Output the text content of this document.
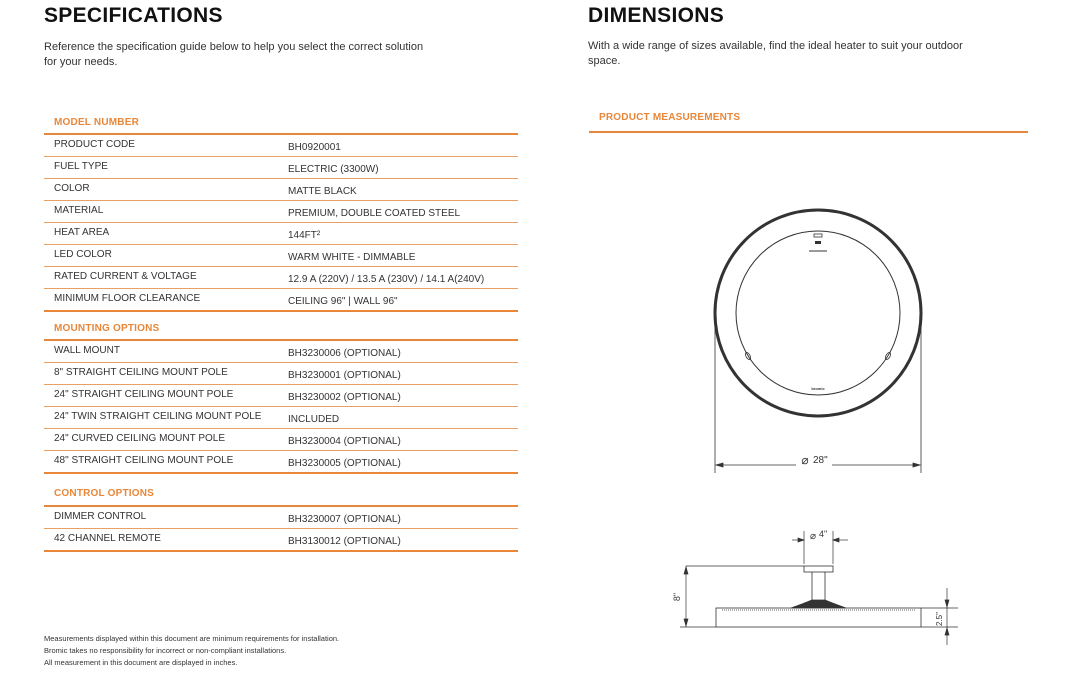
SPECIFICATIONS
Reference the specification guide below to help you select the correct solution for your needs.
MODEL NUMBER
PRODUCT CODE	BH0920001
FUEL TYPE	ELECTRIC (3300W)
COLOR	MATTE BLACK
MATERIAL	PREMIUM, DOUBLE COATED STEEL
HEAT AREA	144FT²
LED COLOR	WARM WHITE - DIMMABLE
RATED CURRENT & VOLTAGE	12.9 A (220V) / 13.5 A (230V) / 14.1 A(240V)
MINIMUM FLOOR CLEARANCE	CEILING 96" | WALL 96"
MOUNTING OPTIONS
WALL MOUNT	BH3230006 (OPTIONAL)
8" STRAIGHT CEILING MOUNT POLE	BH3230001 (OPTIONAL)
24" STRAIGHT CEILING MOUNT POLE	BH3230002 (OPTIONAL)
24" TWIN STRAIGHT CEILING MOUNT POLE	INCLUDED
24" CURVED CEILING MOUNT POLE	BH3230004 (OPTIONAL)
48" STRAIGHT CEILING MOUNT POLE	BH3230005 (OPTIONAL)
CONTROL OPTIONS
DIMMER CONTROL	BH3230007 (OPTIONAL)
42 CHANNEL REMOTE	BH3130012 (OPTIONAL)
Measurements displayed within this document are minimum requirements for installation.
Bromic takes no responsibility for incorrect or non-compliant installations.
All measurement in this document are displayed in inches.
DIMENSIONS
With a wide range of sizes available, find the ideal heater to suit your outdoor space.
PRODUCT MEASUREMENTS
bromic
⌀ 28"
⌀ 4"
8"
2.5"
